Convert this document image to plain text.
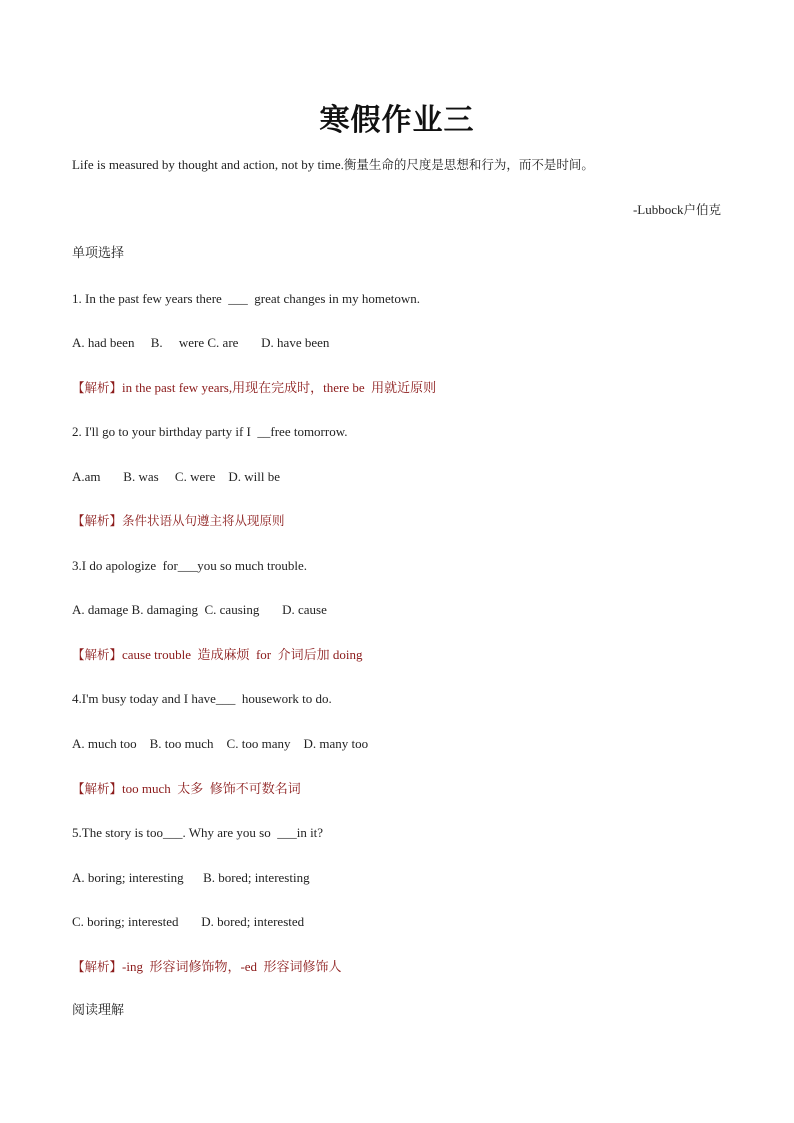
寒假作业三
Life is measured by thought and action, not by time.衡量生命的尺度是思想和行为，而不是时间。
-Lubbock户伯克
单项选择
1. In the past few years there  ___  great changes in my hometown.
A. had been     B.     were C. are       D. have been
【解析】in the past few years,用现在完成时，there be  用就近原则
2. I'll go to your birthday party if I  __free tomorrow.
A.am       B. was     C. were    D. will be
【解析】条件状语从句遵主将从现原则
3.I do apologize  for___you so much trouble.
A. damage B. damaging  C. causing       D. cause
【解析】cause trouble  造成麻烦  for  介词后加 doing
4.I'm busy today and I have___  housework to do.
A. much too    B. too much    C. too many    D. many too
【解析】too much  太多  修饰不可数名词
5.The story is too___. Why are you so  ___in it?
A. boring; interesting      B. bored; interesting
C. boring; interested       D. bored; interested
【解析】-ing  形容词修饰物，-ed  形容词修饰人
阅读理解
